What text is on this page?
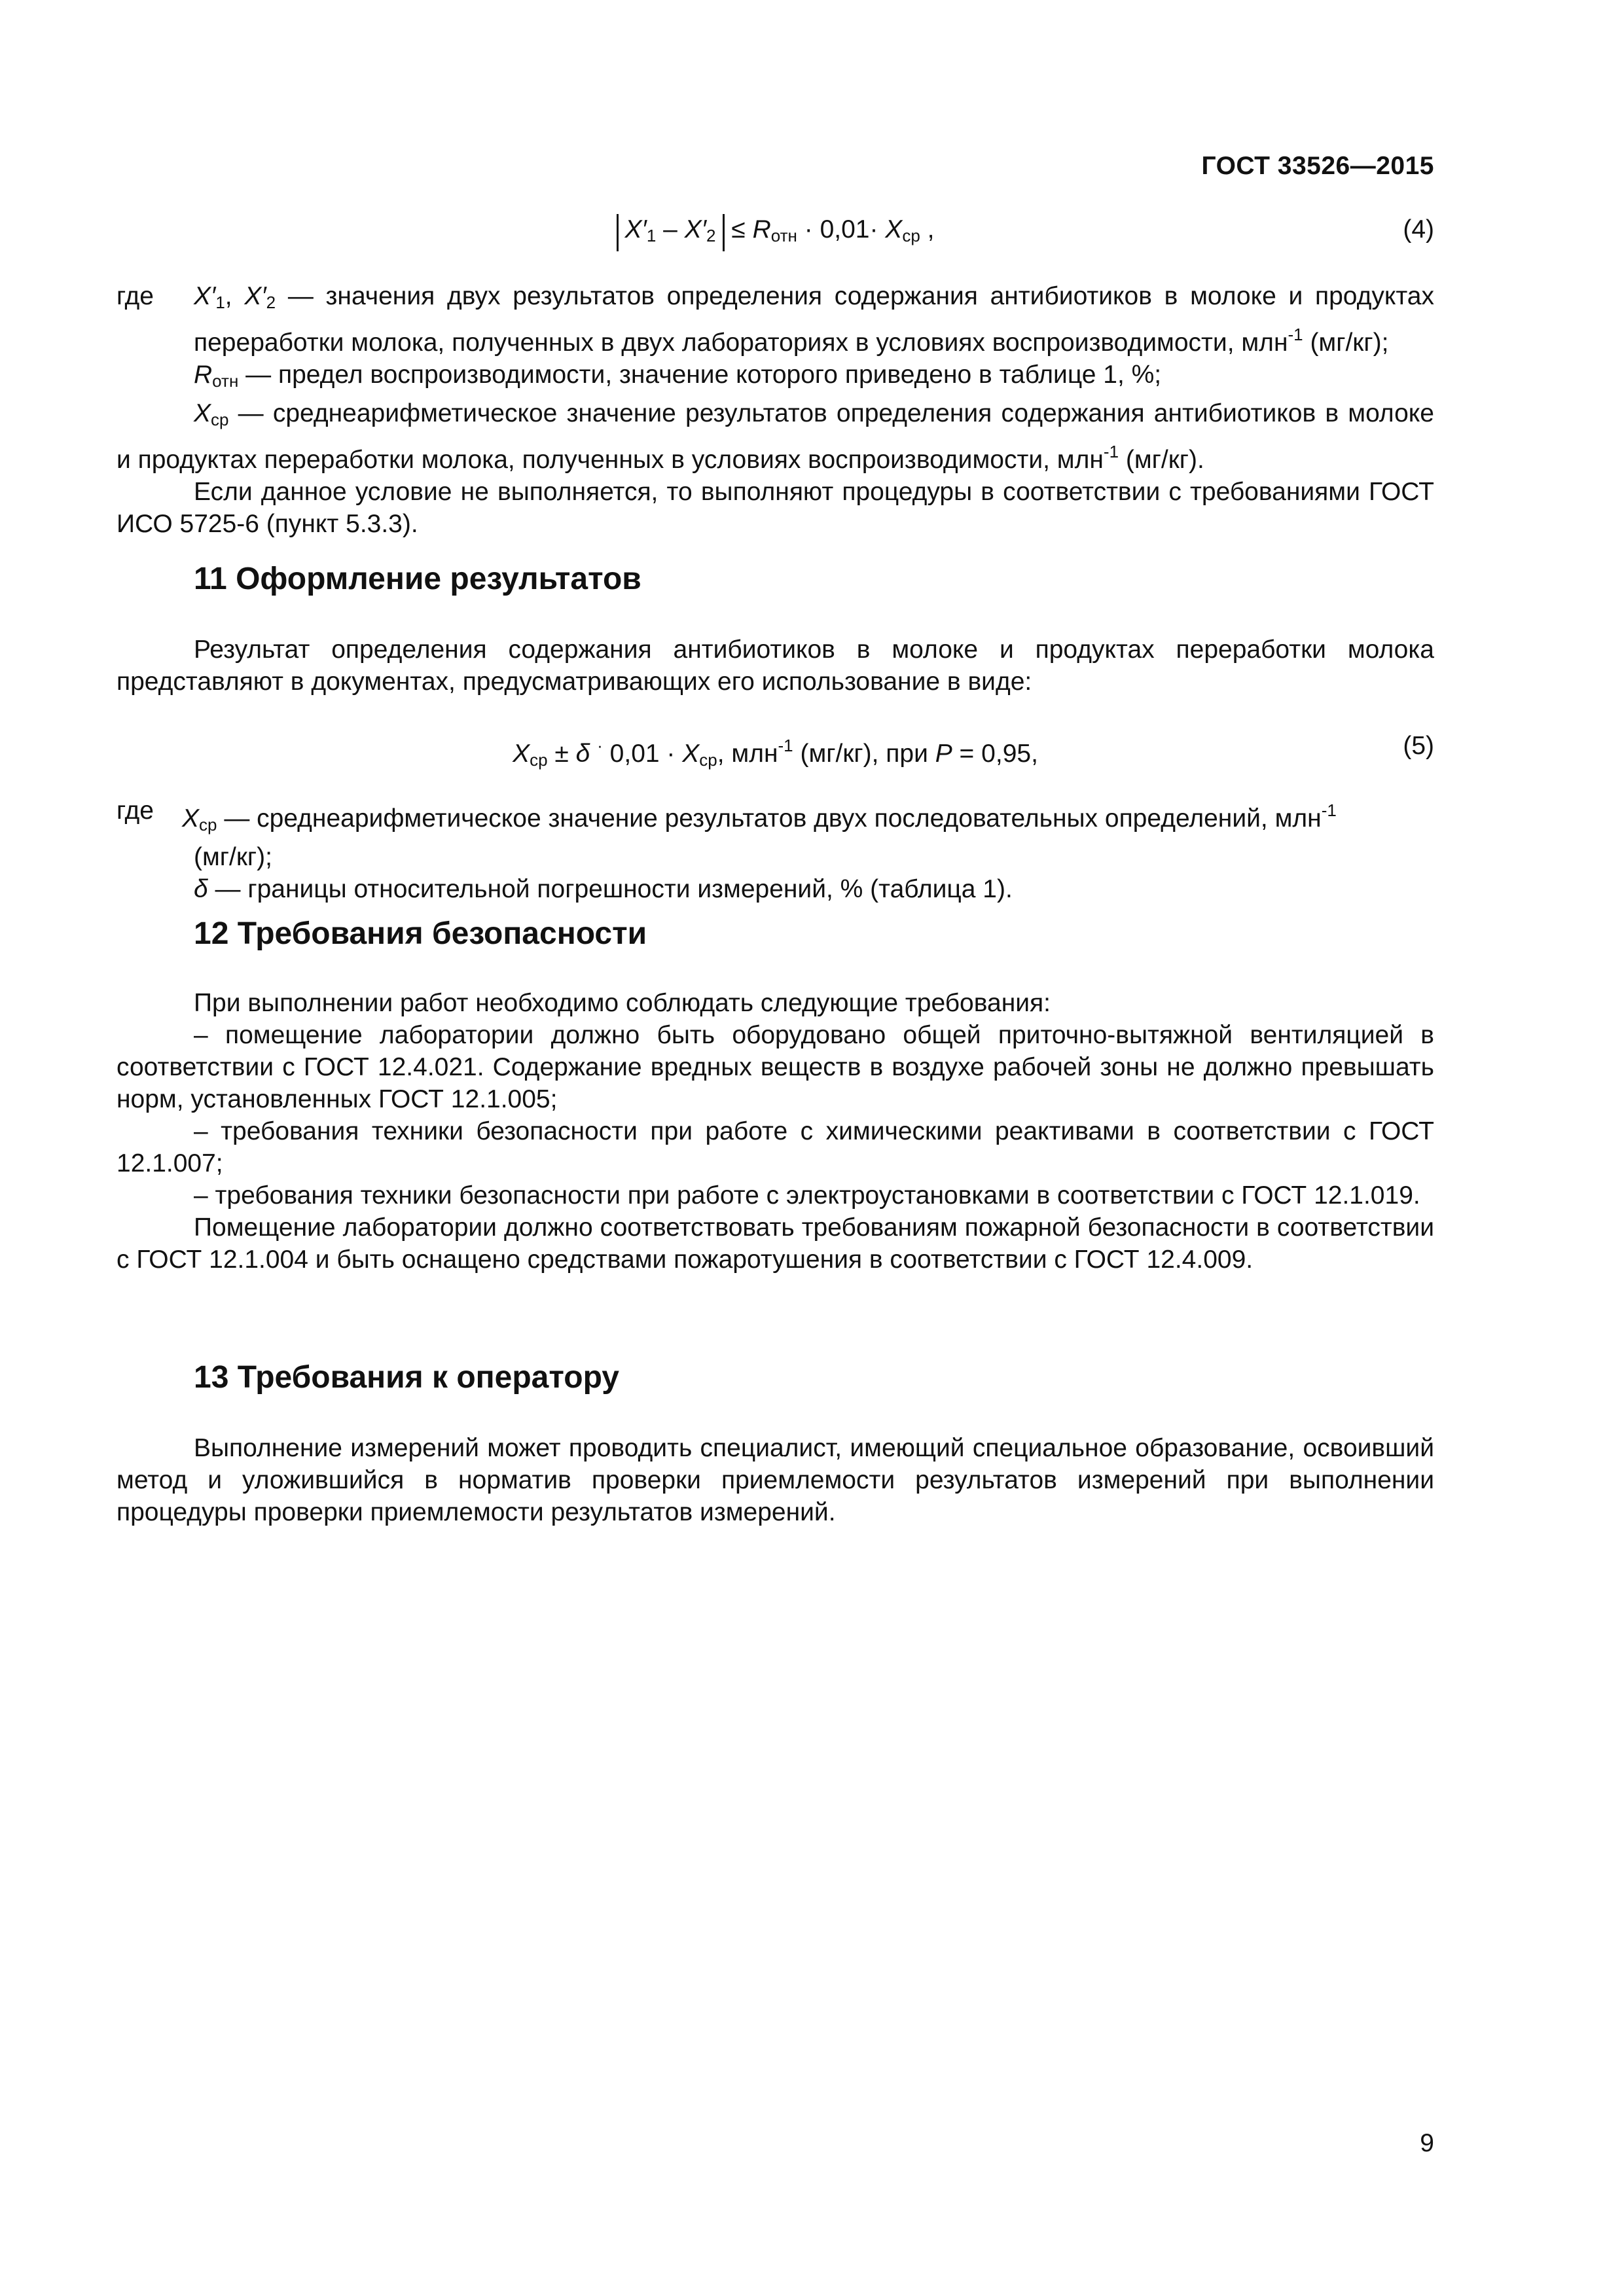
ГОСТ 33526—2015
$X'_1 - X'_2 \le R_{отн} \cdot 0,01\cdot X_{ср}$ ,	(4)
где	$X'_1$, $X'_2$ — значения двух результатов определения содержания антибиотиков в молоке и продуктах переработки молока, полученных в двух лабораториях в условиях воспроизводимости, млн$^{-1}$ (мг/кг);

$R_{отн}$ — предел воспроизводимости, значение которого приведено в таблице 1, %;

$X_{ср}$ — среднеарифметическое значение результатов определения содержания антибиотиков в молоке и продуктах переработки молока, полученных в условиях воспроизводимости, млн$^{-1}$ (мг/кг).

Если данное условие не выполняется, то выполняют процедуры в соответствии с требованиями ГОСТ ИСО 5725-6 (пункт 5.3.3).

11 Оформление результатов

Результат определения содержания антибиотиков в молоке и продуктах переработки молока представляют в документах, предусматривающих его использование в виде:

$X_{ср} \pm \delta$ · $0,01 \cdot X_{ср}$, млн$^{-1}$ (мг/кг), при P = 0,95,	(5)
где	$X_{ср}$ — среднеарифметическое значение результатов двух последовательных определений, млн$^{-1}$

(мг/кг);

δ — границы относительной погрешности измерений, % (таблица 1).

12 Требования безопасности

При выполнении работ необходимо соблюдать следующие требования:

– помещение лаборатории должно быть оборудовано общей приточно-вытяжной вентиляцией в соответствии с ГОСТ 12.4.021. Содержание вредных веществ в воздухе рабочей зоны не должно превышать норм, установленных ГОСТ 12.1.005;

– требования техники безопасности при работе с химическими реактивами в соответствии с ГОСТ 12.1.007;

– требования техники безопасности при работе с электроустановками в соответствии с ГОСТ 12.1.019.

Помещение лаборатории должно соответствовать требованиям пожарной безопасности в соответствии с ГОСТ 12.1.004 и быть оснащено средствами пожаротушения в соответствии с ГОСТ 12.4.009.

13 Требования к оператору

Выполнение измерений может проводить специалист, имеющий специальное образование, освоивший метод и уложившийся в норматив проверки приемлемости результатов измерений при выполнении процедуры проверки приемлемости результатов измерений.

9
